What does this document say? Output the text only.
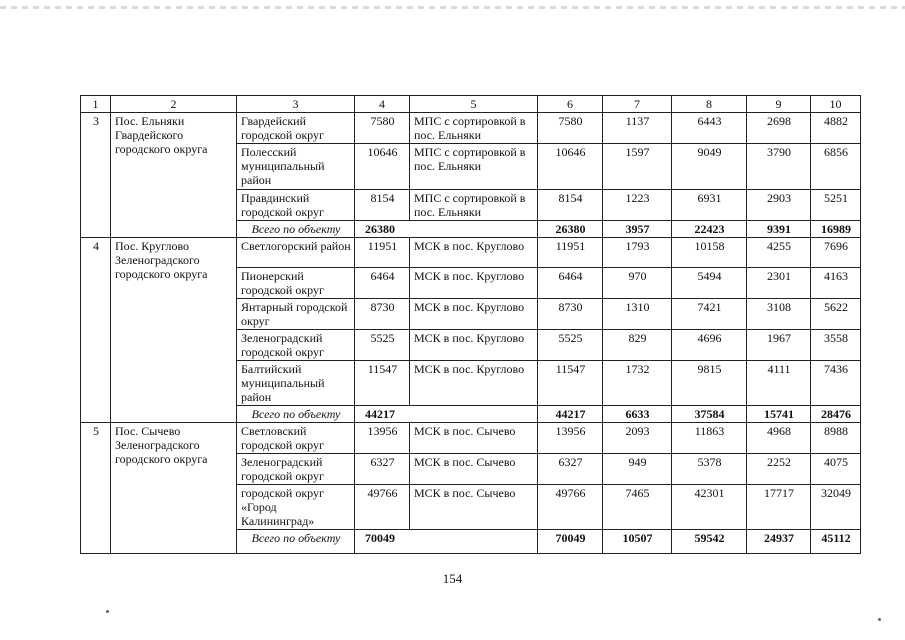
1	2	3	4	5	6	7	8	9	10
3	Пос. Ельняки Гвардейского городского округа	Гвардейский городской округ	7580	МПС с сортировкой в пос. Ельняки	7580	1137	6443	2698	4882
		Полесский муниципальный район	10646	МПС с сортировкой в пос. Ельняки	10646	1597	9049	3790	6856
		Правдинский городской округ	8154	МПС с сортировкой в пос. Ельняки	8154	1223	6931	2903	5251
		Всего по объекту	26380		26380	3957	22423	9391	16989
4	Пос. Круглово Зеленоградского городского округа	Светлогорский район	11951	МСК в пос. Круглово	11951	1793	10158	4255	7696
		Пионерский городской округ	6464	МСК в пос. Круглово	6464	970	5494	2301	4163
		Янтарный городской округ	8730	МСК в пос. Круглово	8730	1310	7421	3108	5622
		Зеленоградский городской округ	5525	МСК в пос. Круглово	5525	829	4696	1967	3558
		Балтийский муниципальный район	11547	МСК в пос. Круглово	11547	1732	9815	4111	7436
		Всего по объекту	44217		44217	6633	37584	15741	28476
5	Пос. Сычево Зеленоградского городского округа	Светловский городской округ	13956	МСК в пос. Сычево	13956	2093	11863	4968	8988
		Зеленоградский городской округ	6327	МСК в пос. Сычево	6327	949	5378	2252	4075
		городской округ «Город Калининград»	49766	МСК в пос. Сычево	49766	7465	42301	17717	32049
		Всего по объекту	70049		70049	10507	59542	24937	45112
154
